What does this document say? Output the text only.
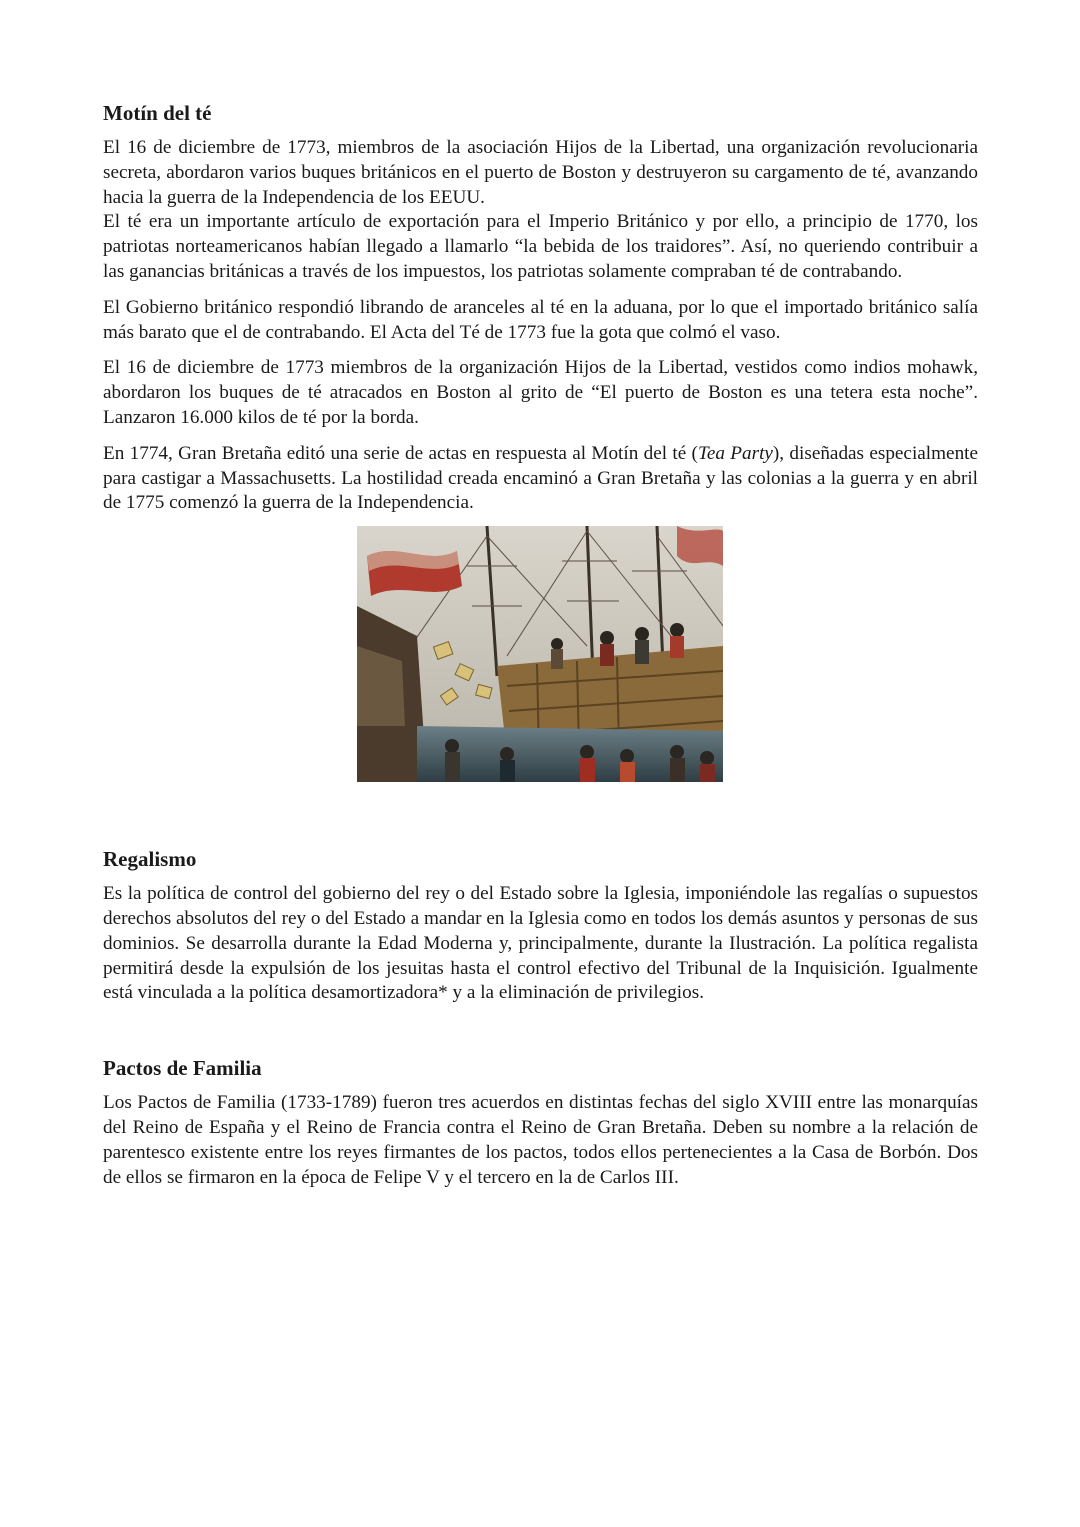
Motín del té

El 16 de diciembre de 1773, miembros de la asociación Hijos de la Libertad, una organización revolucionaria secreta, abordaron varios buques británicos en el puerto de Boston y destruyeron su cargamento de té, avanzando hacia la guerra de la Independencia de los EEUU.

El té era un importante artículo de exportación para el Imperio Británico y por ello, a principio de 1770, los patriotas norteamericanos habían llegado a llamarlo “la bebida de los traidores”. Así, no queriendo contribuir a las ganancias británicas a través de los impuestos, los patriotas solamente compraban té de contrabando.

El Gobierno británico respondió librando de aranceles al té en la aduana, por lo que el importado británico salía más barato que el de contrabando. El Acta del Té de 1773 fue la gota que colmó el vaso.

El 16 de diciembre de 1773 miembros de la organización Hijos de la Libertad, vestidos como indios mohawk, abordaron los buques de té atracados en Boston al grito de “El puerto de Boston es una tetera esta noche”. Lanzaron 16.000 kilos de té por la borda.

En 1774, Gran Bretaña editó una serie de actas en respuesta al Motín del té (Tea Party), diseñadas especialmente para castigar a Massachusetts. La hostilidad creada encaminó a Gran Bretaña y las colonias a la guerra y en abril de 1775 comenzó la guerra de la Independencia.

Regalismo

Es la política de control del gobierno del rey o del Estado sobre la Iglesia, imponiéndole las regalías o supuestos derechos absolutos del rey o del Estado a mandar en la Iglesia como en todos los demás asuntos y personas de sus dominios. Se desarrolla durante la Edad Moderna y, principalmente, durante la Ilustración. La política regalista permitirá desde la expulsión de los jesuitas hasta el control efectivo del Tribunal de la Inquisición. Igualmente está vinculada a la política desamortizadora* y a la eliminación de privilegios.

Pactos de Familia

Los Pactos de Familia (1733-1789) fueron tres acuerdos en distintas fechas del siglo XVIII entre las monarquías del Reino de España y el Reino de Francia contra el Reino de Gran Bretaña. Deben su nombre a la relación de parentesco existente entre los reyes firmantes de los pactos, todos ellos pertenecientes a la Casa de Borbón. Dos de ellos se firmaron en la época de Felipe V y el tercero en la de Carlos III.
